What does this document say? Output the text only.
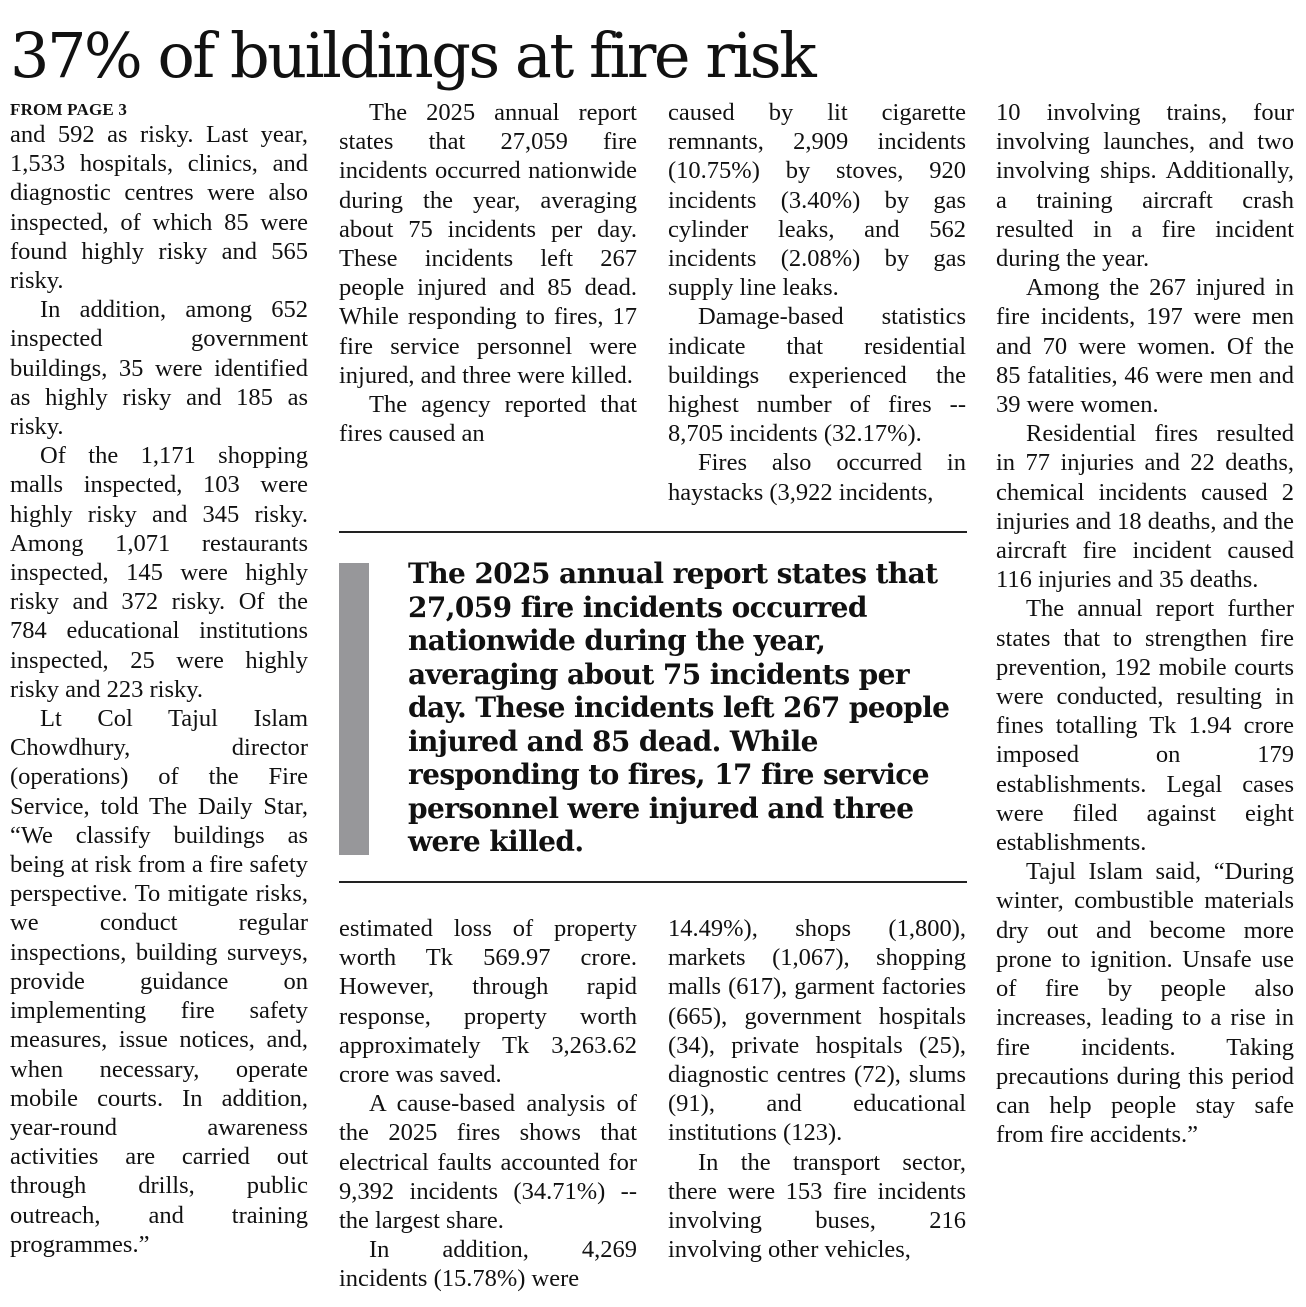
37% of buildings at fire risk
FROM PAGE 3

and 592 as risky. Last year, 1,533 hospitals, clinics, and diagnostic centres were also inspected, of which 85 were found highly risky and 565 risky.

In addition, among 652 inspected government buildings, 35 were identified as highly risky and 185 as risky.

Of the 1,171 shopping malls inspected, 103 were highly risky and 345 risky. Among 1,071 restaurants inspected, 145 were highly risky and 372 risky. Of the 784 educational institutions inspected, 25 were highly risky and 223 risky.

Lt Col Tajul Islam Chowdhury, director (operations) of the Fire Service, told The Daily Star, “We classify buildings as being at risk from a fire safety perspective. To mitigate risks, we conduct regular inspections, building surveys, provide guidance on implementing fire safety measures, issue notices, and, when necessary, operate mobile courts. In addition, year-round awareness activities are carried out through drills, public outreach, and training programmes.”

The 2025 annual report states that 27,059 fire incidents occurred nationwide during the year, averaging about 75 incidents per day. These incidents left 267 people injured and 85 dead. While responding to fires, 17 fire service personnel were injured, and three were killed.

The agency reported that fires caused an

caused by lit cigarette remnants, 2,909 incidents (10.75%) by stoves, 920 incidents (3.40%) by gas cylinder leaks, and 562 incidents (2.08%) by gas supply line leaks.

Damage-based statistics indicate that residential buildings experienced the highest number of fires -- 8,705 incidents (32.17%).

Fires also occurred in haystacks (3,922 incidents,

The 2025 annual report states that 27,059 fire incidents occurred nationwide during the year, averaging about 75 incidents per day. These incidents left 267 people injured and 85 dead. While responding to fires, 17 fire service personnel were injured and three were killed.

estimated loss of property worth Tk 569.97 crore. However, through rapid response, property worth approximately Tk 3,263.62 crore was saved.

A cause-based analysis of the 2025 fires shows that electrical faults accounted for 9,392 incidents (34.71%) -- the largest share.

In addition, 4,269 incidents (15.78%) were

14.49%), shops (1,800), markets (1,067), shopping malls (617), garment factories (665), government hospitals (34), private hospitals (25), diagnostic centres (72), slums (91), and educational institutions (123).

In the transport sector, there were 153 fire incidents involving buses, 216 involving other vehicles,

10 involving trains, four involving launches, and two involving ships. Additionally, a training aircraft crash resulted in a fire incident during the year.

Among the 267 injured in fire incidents, 197 were men and 70 were women. Of the 85 fatalities, 46 were men and 39 were women.

Residential fires resulted in 77 injuries and 22 deaths, chemical incidents caused 2 injuries and 18 deaths, and the aircraft fire incident caused 116 injuries and 35 deaths.

The annual report further states that to strengthen fire prevention, 192 mobile courts were conducted, resulting in fines totalling Tk 1.94 crore imposed on 179 establishments. Legal cases were filed against eight establishments.

Tajul Islam said, “During winter, combustible materials dry out and become more prone to ignition. Unsafe use of fire by people also increases, leading to a rise in fire incidents. Taking precautions during this period can help people stay safe from fire accidents.”
